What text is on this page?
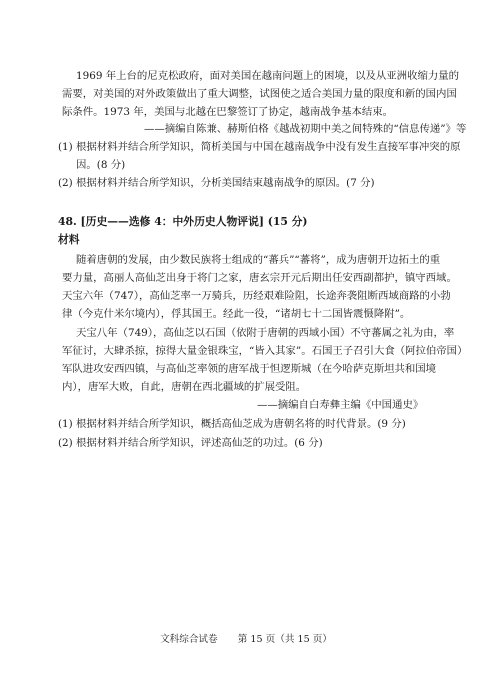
1969 年上台的尼克松政府，面对美国在越南问题上的困境，以及从亚洲收缩力量的
需要，对美国的对外政策做出了重大调整，试图使之适合美国力量的限度和新的国内国
际条件。1973 年，美国与北越在巴黎签订了协定，越南战争基本结束。
——摘编自陈兼、赫斯伯格《越战初期中美之间特殊的“信息传递”》等
(1) 根据材料并结合所学知识，简析美国与中国在越南战争中没有发生直接军事冲突的原
因。(8 分)
(2) 根据材料并结合所学知识，分析美国结束越南战争的原因。(7 分)
48. [历史——选修 4：中外历史人物评说] (15 分)
材料
随着唐朝的发展，由少数民族将士组成的“蕃兵”“蕃将”，成为唐朝开边拓土的重
要力量，高丽人高仙芝出身于将门之家，唐玄宗开元后期出任安西副都护，镇守西域。
天宝六年（747），高仙芝率一万骑兵，历经艰难险阻，长途奔袭阻断西域商路的小勃
律（今克什米尔境内），俘其国王。经此一役，“诸胡七十二国皆震慑降附”。
天宝八年（749），高仙芝以石国（依附于唐朝的西域小国）不守蕃属之礼为由，率
军征讨，大肆杀掠，掠得大量金银珠宝，“皆入其家”。石国王子召引大食（阿拉伯帝国）
军队进攻安西四镇，与高仙芝率领的唐军战于怛逻斯城（在今哈萨克斯坦共和国境
内），唐军大败，自此，唐朝在西北疆域的扩展受阻。
——摘编自白寿彝主编《中国通史》
(1) 根据材料并结合所学知识，概括高仙芝成为唐朝名将的时代背景。(9 分)
(2) 根据材料并结合所学知识，评述高仙芝的功过。(6 分)
文科综合试卷 第 15 页（共 15 页）
